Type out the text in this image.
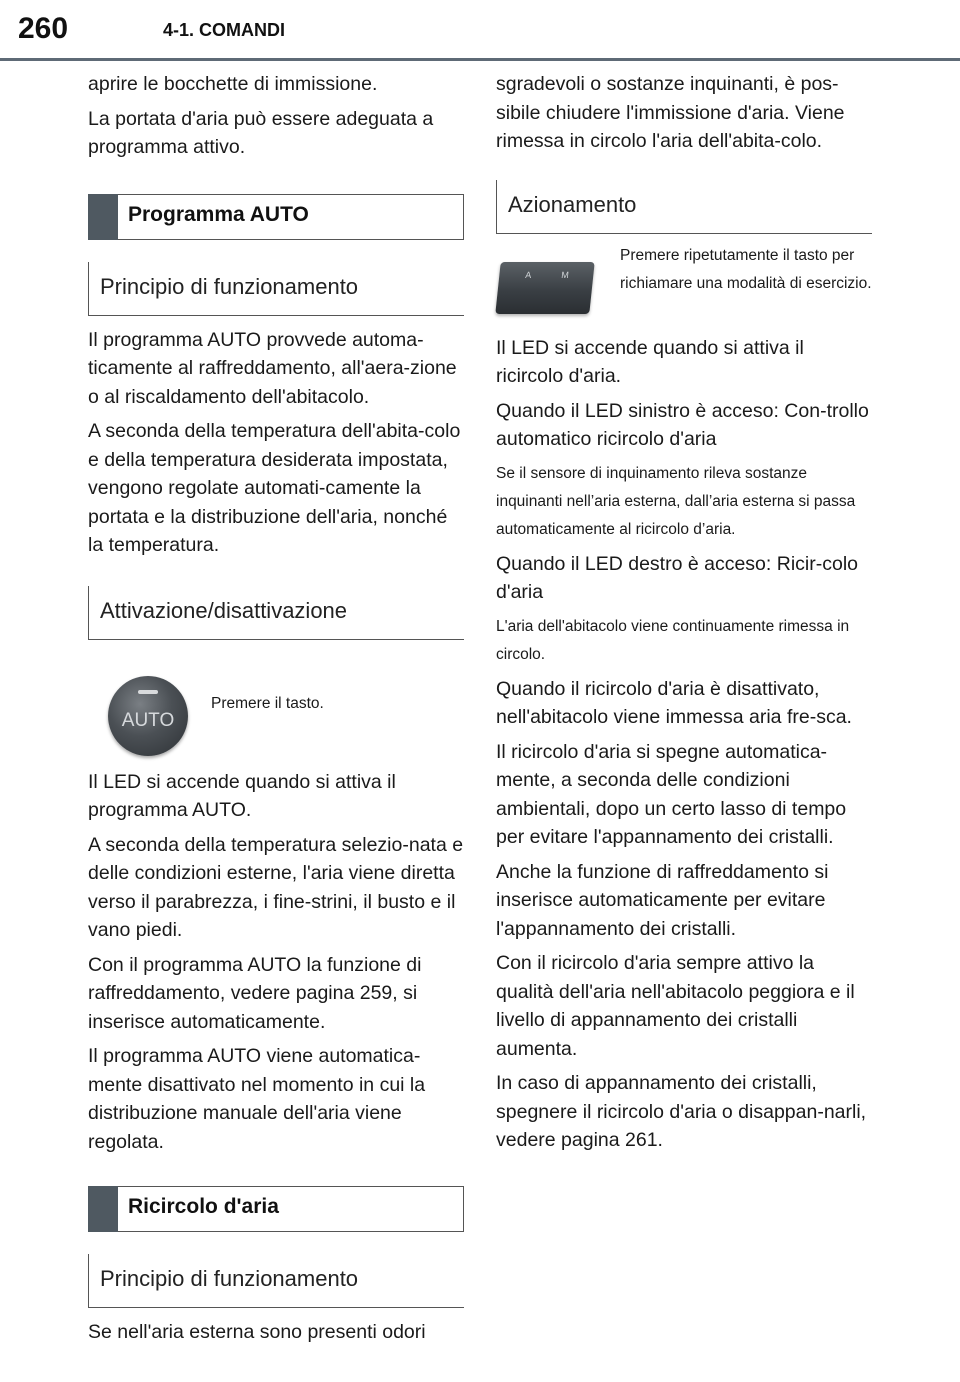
260	4-1. COMANDI

aprire le bocchette di immissione.

La portata d'aria può essere adeguata a programma attivo.

Programma AUTO
Principio di funzionamento

Il programma AUTO provvede automa-ticamente al raffreddamento, all'aera-zione o al riscaldamento dell'abitacolo.

A seconda della temperatura dell'abita-colo e della temperatura desiderata impostata, vengono regolate automati-camente la portata e la distribuzione dell'aria, nonché la temperatura.

Attivazione/disattivazione
AUTO
Premere il tasto.

Il LED si accende quando si attiva il programma AUTO.

A seconda della temperatura selezio-nata e delle condizioni esterne, l'aria viene diretta verso il parabrezza, i fine-strini, il busto e il vano piedi.

Con il programma AUTO la funzione di raffreddamento, vedere pagina 259, si inserisce automaticamente.

Il programma AUTO viene automatica-mente disattivato nel momento in cui la distribuzione manuale dell'aria viene regolata.

Ricircolo d'aria
Principio di funzionamento

Se nell'aria esterna sono presenti odori

sgradevoli o sostanze inquinanti, è pos-sibile chiudere l'immissione d'aria. Viene rimessa in circolo l'aria dell'abita-colo.

Azionamento
A	M
Premere ripetutamente il tasto per richiamare una modalità di esercizio.

Il LED si accende quando si attiva il ricircolo d'aria.

Quando il LED sinistro è acceso: Con-trollo automatico ricircolo d'aria

Se il sensore di inquinamento rileva sostanze inquinanti nell’aria esterna, dall’aria esterna si passa automaticamente al ricircolo d’aria.

Quando il LED destro è acceso: Ricir-colo d'aria

L'aria dell'abitacolo viene continuamente rimessa in circolo.

Quando il ricircolo d'aria è disattivato, nell'abitacolo viene immessa aria fre-sca.

Il ricircolo d'aria si spegne automatica-mente, a seconda delle condizioni ambientali, dopo un certo lasso di tempo per evitare l'appannamento dei cristalli.

Anche la funzione di raffreddamento si inserisce automaticamente per evitare l'appannamento dei cristalli.

Con il ricircolo d'aria sempre attivo la qualità dell'aria nell'abitacolo peggiora e il livello di appannamento dei cristalli aumenta.

In caso di appannamento dei cristalli, spegnere il ricircolo d'aria o disappan-narli, vedere pagina 261.
